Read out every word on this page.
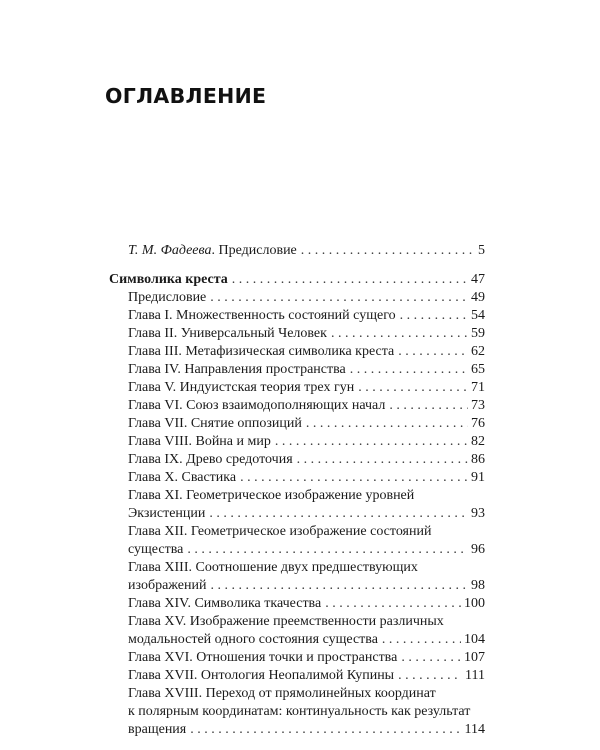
ОГЛАВЛЕНИЕ
Т. М. Фадеева. Предисловие . . .	5
Символика креста . . .	47
Предисловие . . .	49
Глава I. Множественность состояний сущего . . .	54
Глава II. Универсальный Человек . . .	59
Глава III. Метафизическая символика креста . . .	62
Глава IV. Направления пространства . . .	65
Глава V. Индуистская теория трех гун . . .	71
Глава VI. Союз взаимодополняющих начал . . .	73
Глава VII. Снятие оппозиций . . .	76
Глава VIII. Война и мир . . .	82
Глава IX. Древо средоточия . . .	86
Глава X. Свастика . . .	91
Глава XI. Геометрическое изображение уровней
Экзистенции . . .	93
Глава XII. Геометрическое изображение состояний
существа . . .	96
Глава XIII. Соотношение двух предшествующих
изображений . . .	98
Глава XIV. Символика ткачества . . .	100
Глава XV. Изображение преемственности различных
модальностей одного состояния существа . . .	104
Глава XVI. Отношения точки и пространства . . .	107
Глава XVII. Онтология Неопалимой Купины . . .	111
Глава XVIII. Переход от прямолинейных координат
к полярным координатам: континуальность как результат
вращения . . .	114
